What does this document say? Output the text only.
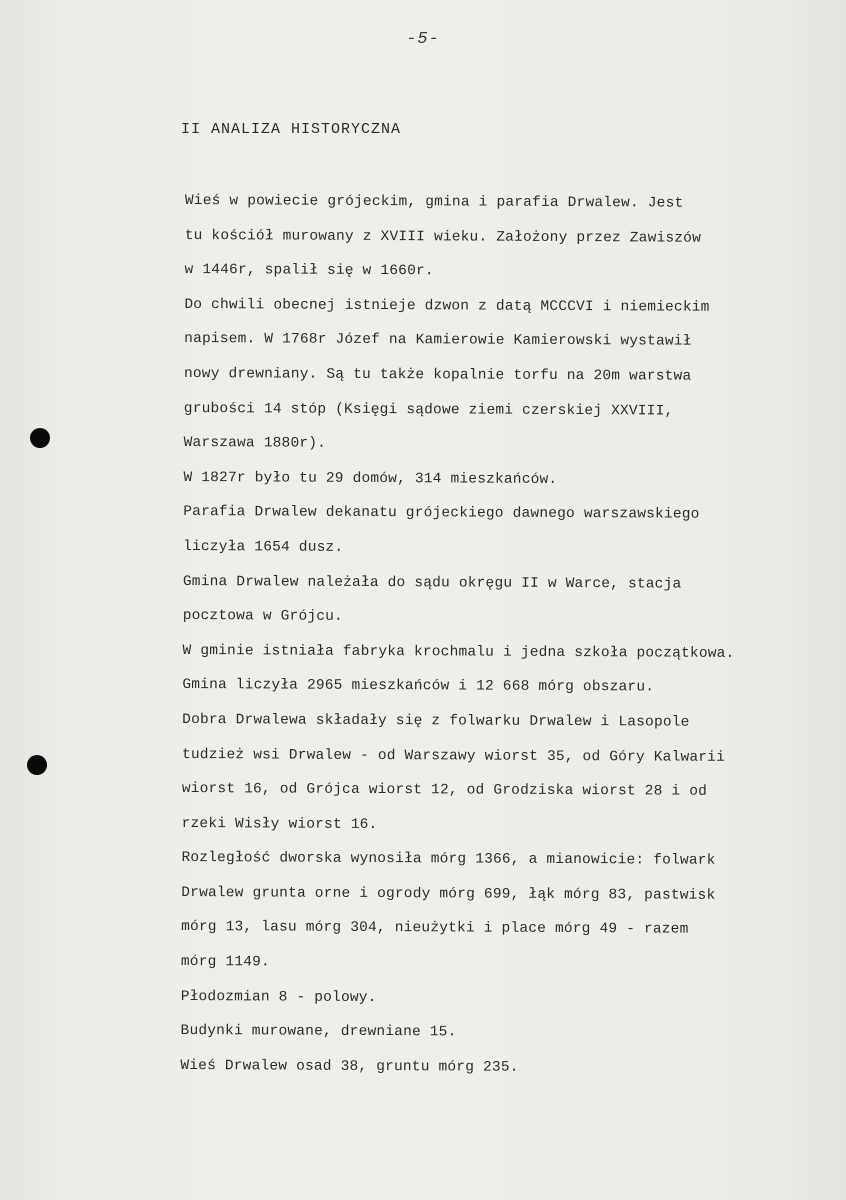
-5-
II ANALIZA HISTORYCZNA
Wieś w powiecie grójeckim, gmina i parafia Drwalew. Jest
tu kościół murowany z XVIII wieku. Założony przez Zawiszów
w 1446r, spalił się w 1660r.
Do chwili obecnej istnieje dzwon z datą MCCCVI i niemieckim
napisem. W 1768r Józef na Kamierowie Kamierowski wystawił
nowy drewniany. Są tu także kopalnie torfu na 20m warstwa
grubości 14 stóp (Księgi sądowe ziemi czerskiej XXVIII,
Warszawa 1880r).
W 1827r było tu 29 domów, 314 mieszkańców.
Parafia Drwalew dekanatu grójeckiego dawnego warszawskiego
liczyła 1654 dusz.
Gmina Drwalew należała do sądu okręgu II w Warce, stacja
pocztowa w Grójcu.
W gminie istniała fabryka krochmalu i jedna szkoła początkowa.
Gmina liczyła 2965 mieszkańców i 12 668 mórg obszaru.
Dobra Drwalewa składały się z folwarku Drwalew i Lasopole
tudzież wsi Drwalew - od Warszawy wiorst 35, od Góry Kalwarii
wiorst 16, od Grójca wiorst 12, od Grodziska wiorst 28 i od
rzeki Wisły wiorst 16.
Rozległość dworska wynosiła mórg 1366, a mianowicie: folwark
Drwalew grunta orne i ogrody mórg 699, łąk mórg 83, pastwisk
mórg 13, lasu mórg 304, nieużytki i place mórg 49 - razem
mórg 1149.
Płodozmian 8 - polowy.
Budynki murowane, drewniane 15.
Wieś Drwalew osad 38, gruntu mórg 235.
